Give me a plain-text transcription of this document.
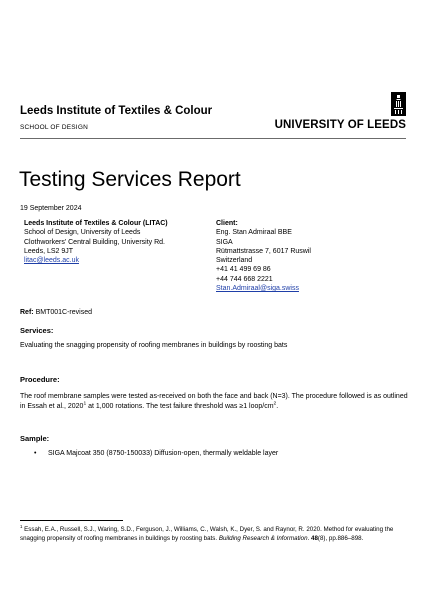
Leeds Institute of Textiles & Colour
SCHOOL OF DESIGN	UNIVERSITY OF LEEDS
Testing Services Report
19 September 2024
Leeds Institute of Textiles & Colour (LITAC)
School of Design, University of Leeds
Clothworkers' Central Building, University Rd.
Leeds, LS2 9JT
litac@leeds.ac.uk
Client:
Eng. Stan Admiraal BBE
SIGA
Rütmattstrasse 7, 6017 Ruswil
Switzerland
+41 41 499 69 86
+44 744 668 2221
Stan.Admiraal@siga.swiss
Ref: BMT001C-revised
Services:
Evaluating the snagging propensity of roofing membranes in buildings by roosting bats
Procedure:
The roof membrane samples were tested as-received on both the face and back (N=3). The procedure followed is as outlined in Essah et al., 2020$^1$ at 1,000 rotations. The test failure threshold was ≥1 loop/$cm^2$.
Sample:
• SIGA Majcoat 350 (8750-150033) Diffusion-open, thermally weldable layer
$^1$ Essah, E.A., Russell, S.J., Waring, S.D., Ferguson, J., Williams, C., Walsh, K., Dyer, S. and Raynor, R. 2020. Method for evaluating the snagging propensity of roofing membranes in buildings by roosting bats. Building Research & Information. 48(8), pp.886–898.
